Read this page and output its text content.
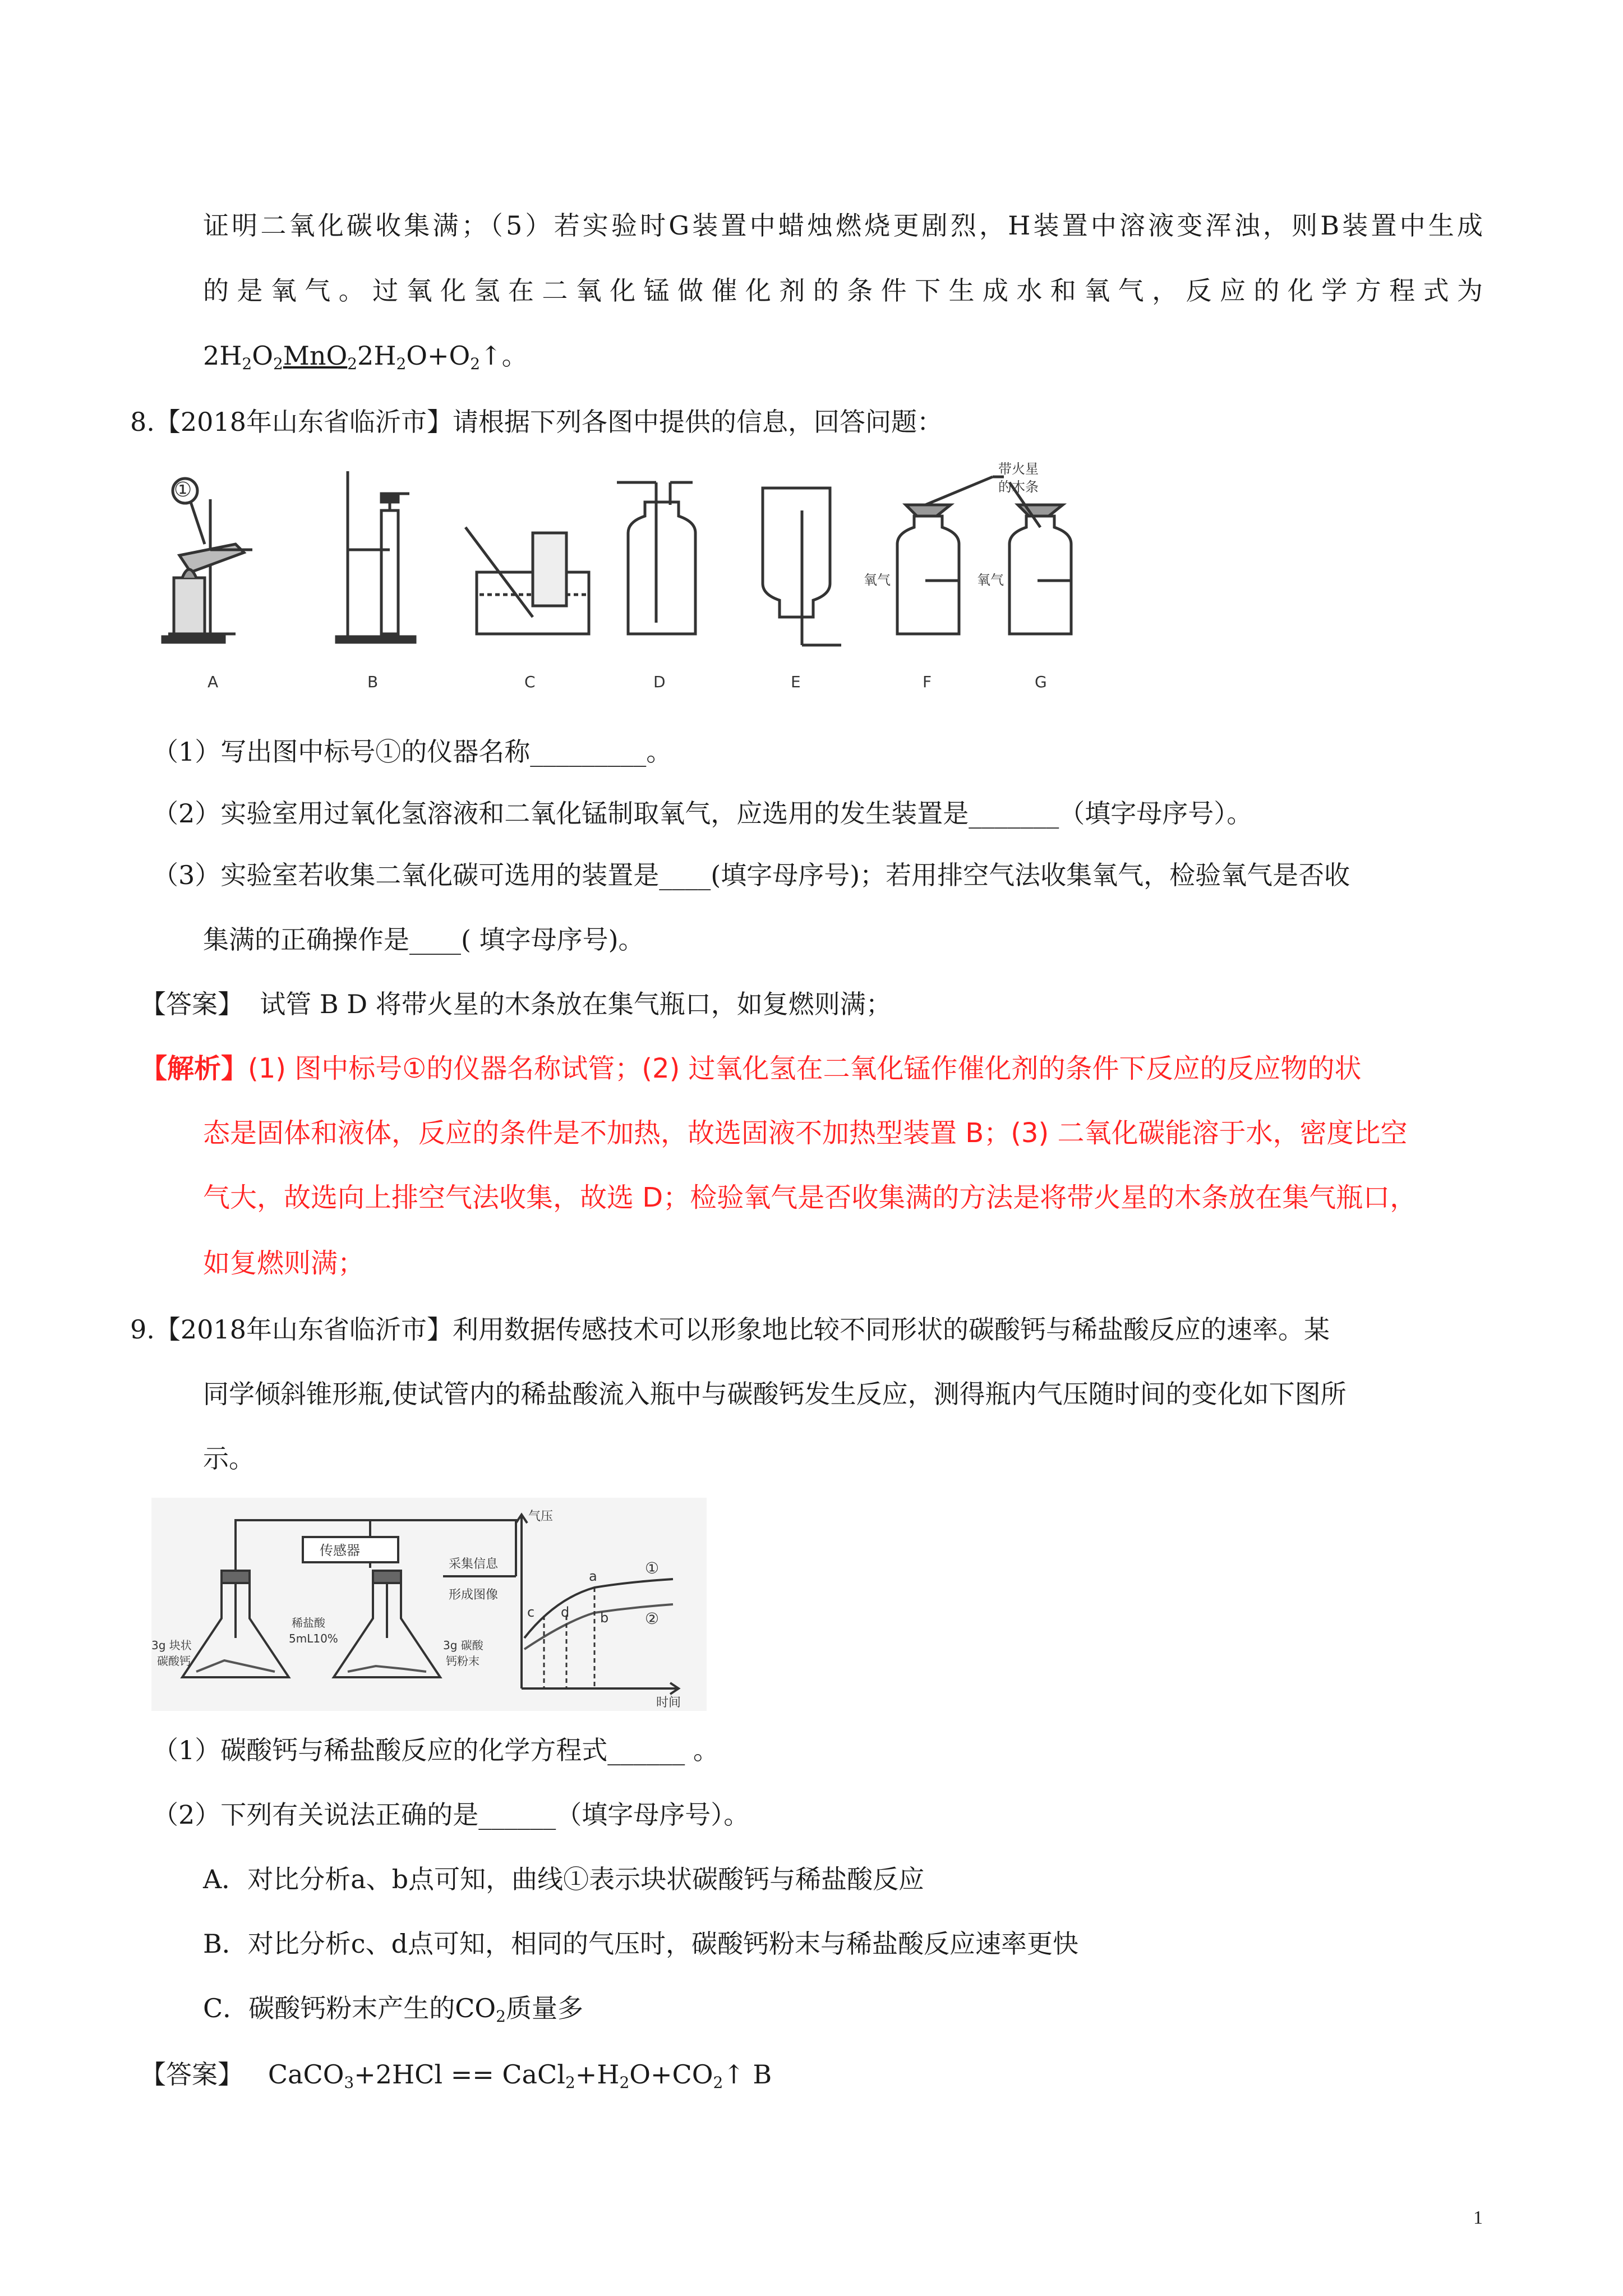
证明二氧化碳收集满；（5）若实验时G装置中蜡烛燃烧更剧烈，H装置中溶液变浑浊，则B装置中生成
的是氧气。过氧化氢在二氧化锰做催化剂的条件下生成水和氧气，反应的化学方程式为
$2H_2O_2MnO_22H_2O+O_2↑$。
8.【2018年山东省临沂市】请根据下列各图中提供的信息，回答问题：
①
A	B	C	D	E	F	G
带火星
的木条
氧气	氧气
（1）写出图中标号①的仪器名称_________。
（2）实验室用过氧化氢溶液和二氧化锰制取氧气，应选用的发生装置是_______（填字母序号）。
（3）实验室若收集二氧化碳可选用的装置是____(填字母序号)；若用排空气法收集氧气，检验氧气是否收
集满的正确操作是____( 填字母序号)。
【答案】 试管 B D 将带火星的木条放在集气瓶口，如复燃则满；
【解析】(1) 图中标号①的仪器名称试管；(2) 过氧化氢在二氧化锰作催化剂的条件下反应的反应物的状
态是固体和液体，反应的条件是不加热，故选固液不加热型装置 B；(3) 二氧化碳能溶于水，密度比空
气大，故选向上排空气法收集，故选 D；检验氧气是否收集满的方法是将带火星的木条放在集气瓶口，
如复燃则满；
9.【2018年山东省临沂市】利用数据传感技术可以形象地比较不同形状的碳酸钙与稀盐酸反应的速率。某
同学倾斜锥形瓶,使试管内的稀盐酸流入瓶中与碳酸钙发生反应，测得瓶内气压随时间的变化如下图所
示。
传感器
采集信息
形成图像
3g 块状
碳酸钙
稀盐酸
5mL10%	3g 碳酸
钙粉末
气压
时间
a
b
c d
①
②
（1）碳酸钙与稀盐酸反应的化学方程式______ 。
（2）下列有关说法正确的是______（填字母序号）。
A．对比分析a、b点可知，曲线①表示块状碳酸钙与稀盐酸反应
B．对比分析c、d点可知，相同的气压时，碳酸钙粉末与稀盐酸反应速率更快
C．碳酸钙粉末产生的$CO_2$质量多
【答案】 CaCO$_3$+2HCl == $CaCl_2+H_2O+CO_2↑$ B
1
